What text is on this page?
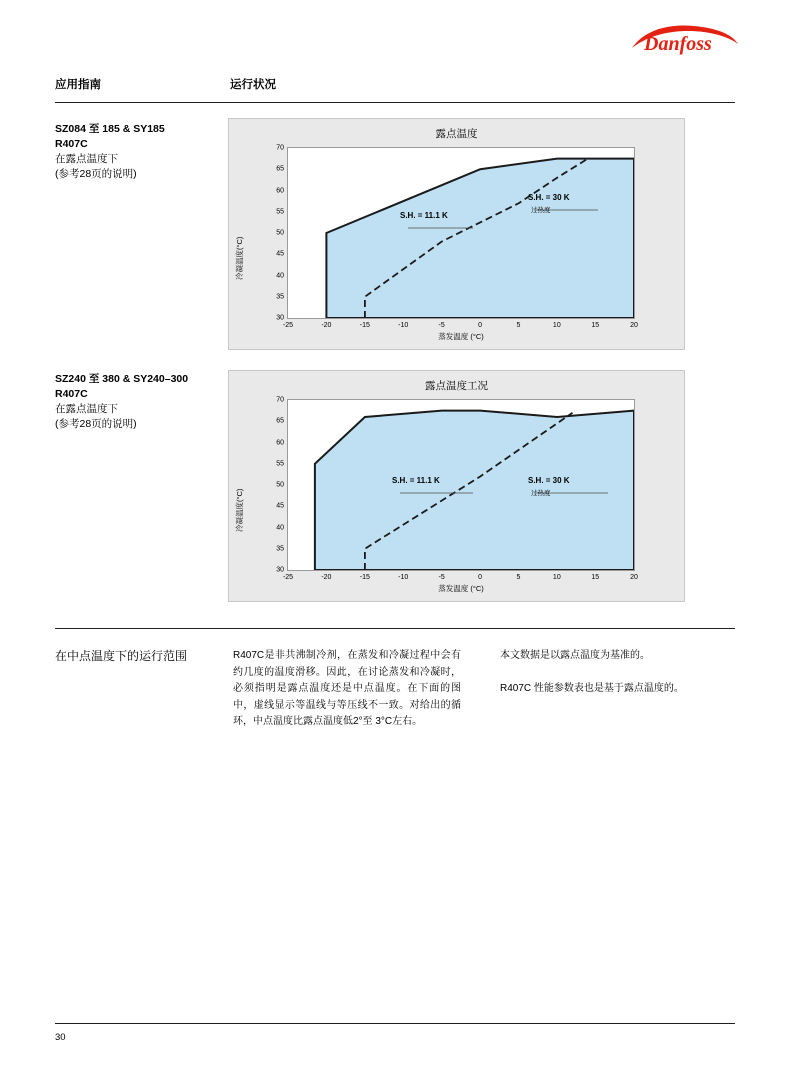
Danfoss
应用指南	运行状况
SZ084 至 185 & SY185
R407C
在露点温度下
(参考28页的说明)
露点温度
冷凝温度(°C)
30
35
40
45
50
55
60
65
70
-25	-20	-15	-10	-5	0	5	10	15	20
S.H. = 11.1 K
S.H. = 30 K
过热度
蒸发温度 (°C)
SZ240 至 380 & SY240–300
R407C
在露点温度下
(参考28页的说明)
露点温度工况
冷凝温度(°C)
30
35
40
45
50
55
60
65
70
-25	-20	-15	-10	-5	0	5	10	15	20
S.H. = 11.1 K	S.H. = 30 K
过热度
蒸发温度 (°C)
在中点温度下的运行范围	R407C是非共沸制冷剂，在蒸发和冷凝过程中会有约几度的温度滑移。因此，在讨论蒸发和冷凝时，必须指明是露点温度还是中点温度。在下面的图中，虚线显示等温线与等压线不一致。对给出的循环，中点温度比露点温度低2°至 3°C左右。

本文数据是以露点温度为基准的。

R407C 性能参数表也是基于露点温度的。

30
